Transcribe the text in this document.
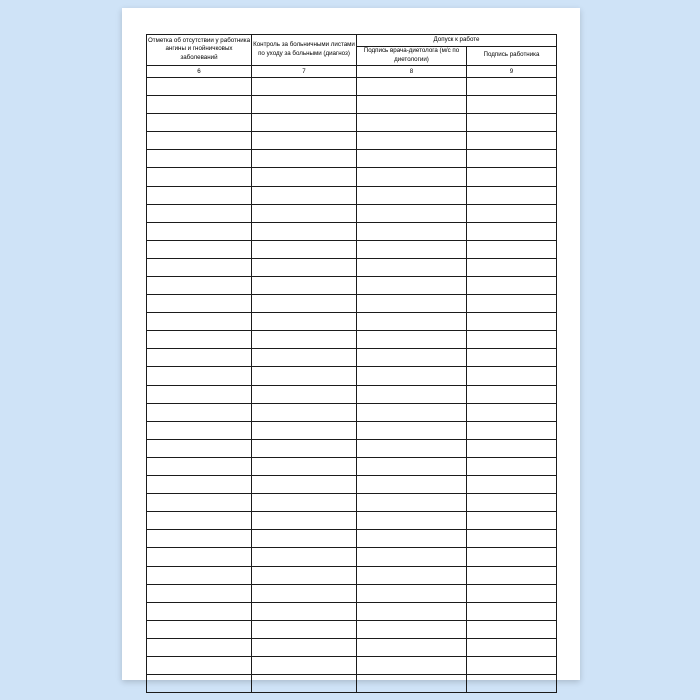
Отметка об отсутствии у работника ангины и гнойничковых заболеваний	Контроль за больничными листами по уходу за больными (диагноз)	Допуск к работе	
		Подпись врача-диетолога (м/с по диетологии)	Подпись работника
6	7	8	9
